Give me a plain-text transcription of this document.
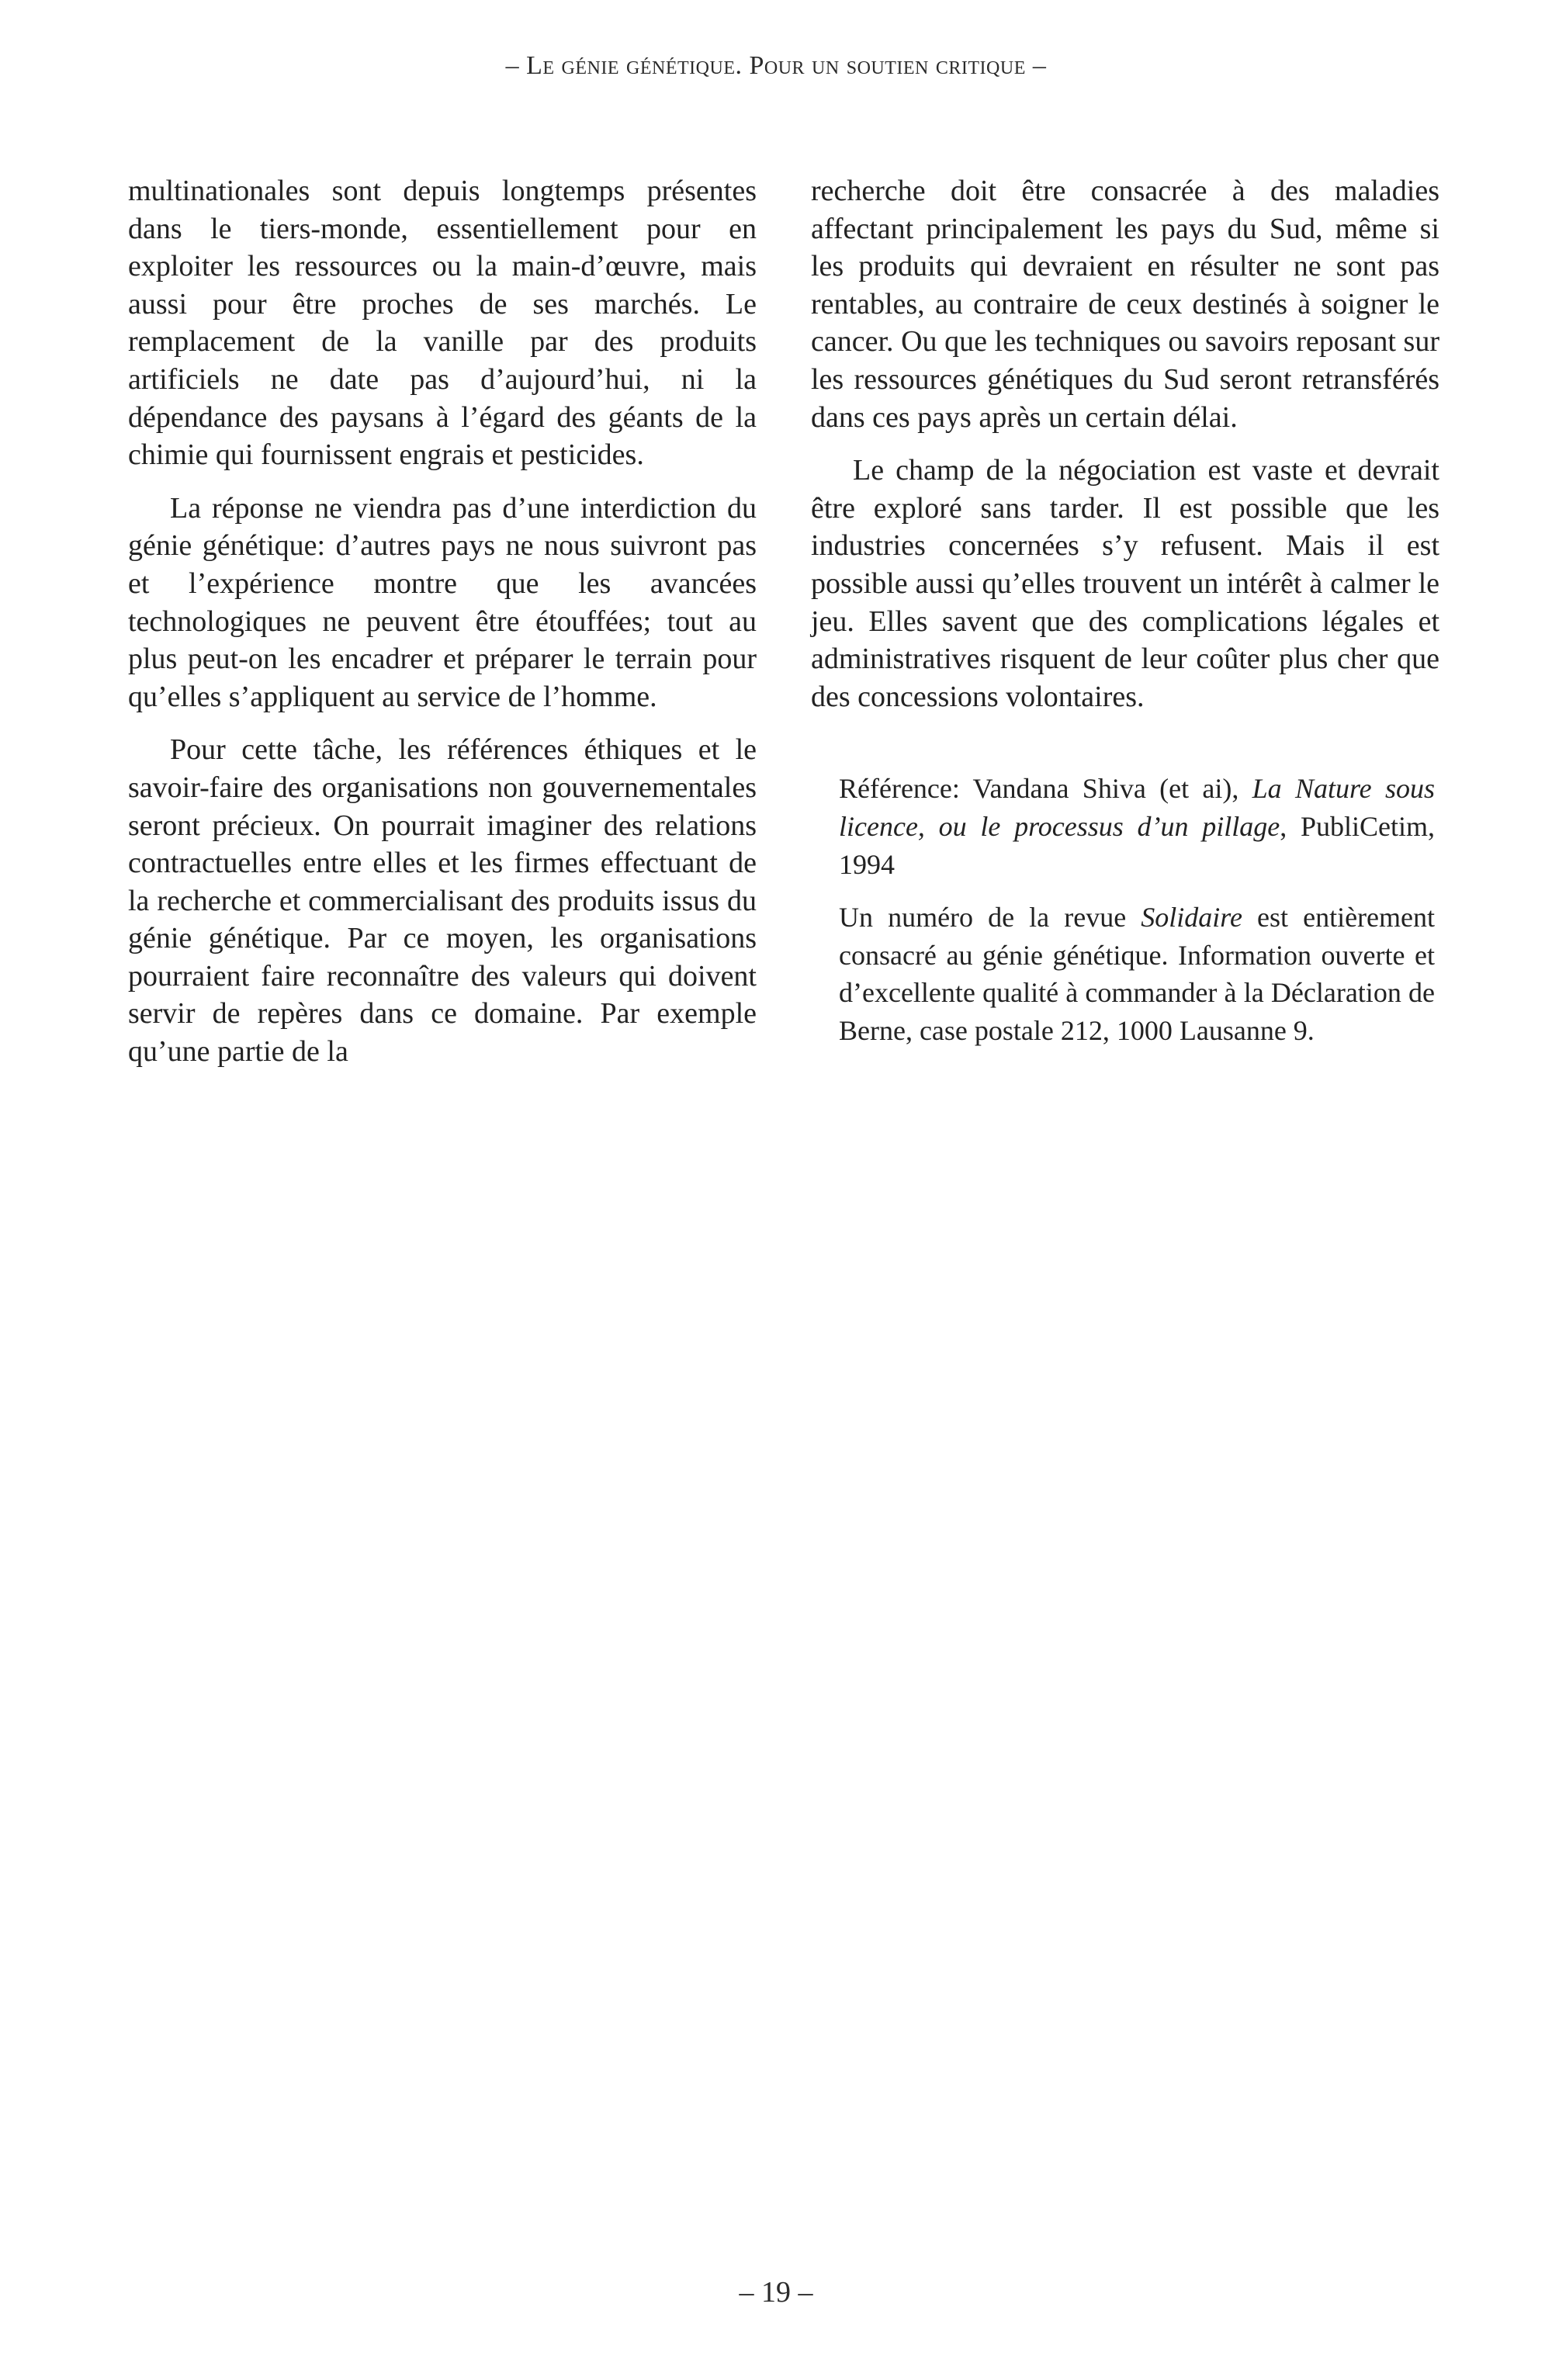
– Le génie génétique. Pour un soutien critique –

multinationales sont depuis longtemps présentes dans le tiers-monde, essentiellement pour en exploiter les ressources ou la main-d’œuvre, mais aussi pour être proches de ses marchés. Le remplacement de la vanille par des produits artificiels ne date pas d’aujourd’hui, ni la dépendance des paysans à l’égard des géants de la chimie qui fournissent engrais et pesticides.

La réponse ne viendra pas d’une interdiction du génie génétique: d’autres pays ne nous suivront pas et l’expérience montre que les avancées technologiques ne peuvent être étouffées; tout au plus peut-on les encadrer et préparer le terrain pour qu’elles s’appliquent au service de l’homme.

Pour cette tâche, les références éthiques et le savoir-faire des organisations non gouvernementales seront précieux. On pourrait imaginer des relations contractuelles entre elles et les firmes effectuant de la recherche et commercialisant des produits issus du génie génétique. Par ce moyen, les organisations pourraient faire reconnaître des valeurs qui doivent servir de repères dans ce domaine. Par exemple qu’une partie de la

recherche doit être consacrée à des maladies affectant principalement les pays du Sud, même si les produits qui devraient en résulter ne sont pas rentables, au contraire de ceux destinés à soigner le cancer. Ou que les techniques ou savoirs reposant sur les ressources génétiques du Sud seront retransférés dans ces pays après un certain délai.

Le champ de la négociation est vaste et devrait être exploré sans tarder. Il est possible que les industries concernées s’y refusent. Mais il est possible aussi qu’elles trouvent un intérêt à calmer le jeu. Elles savent que des complications légales et administratives risquent de leur coûter plus cher que des concessions volontaires.

Référence: Vandana Shiva (et ai), La Nature sous licence, ou le processus d’un pillage, PubliCetim, 1994

Un numéro de la revue Solidaire est entièrement consacré au génie génétique. Information ouverte et d’excellente qualité à commander à la Déclaration de Berne, case postale 212, 1000 Lausanne 9.

– 19 –
